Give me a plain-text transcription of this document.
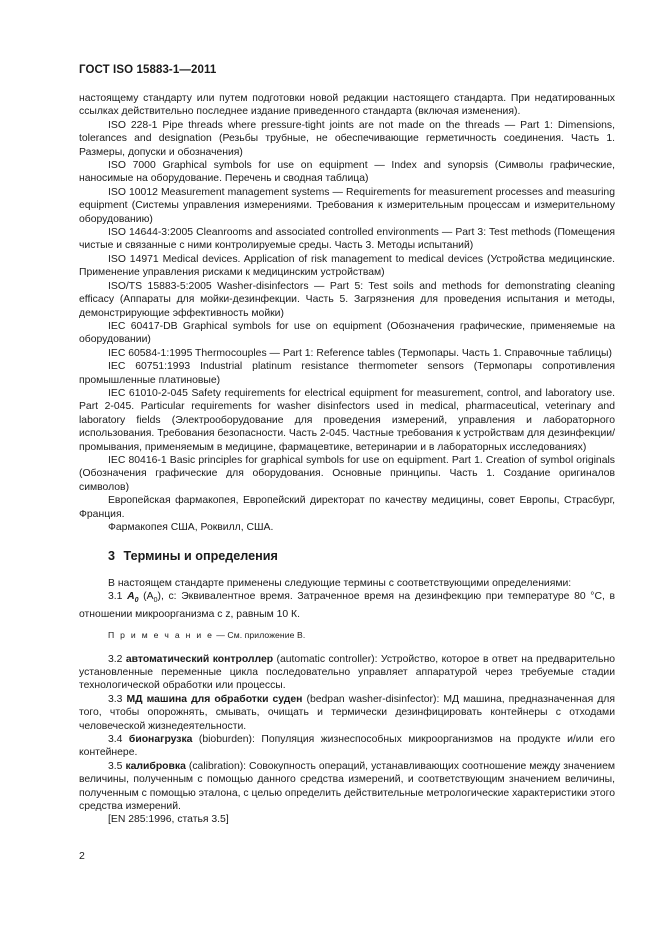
ГОСТ ISO 15883-1—2011

настоящему стандарту или путем подготовки новой редакции настоящего стандарта. При недатированных ссылках действительно последнее издание приведенного стандарта (включая изменения).

ISO 228-1 Pipe threads where pressure-tight joints are not made on the threads — Part 1: Dimensions, tolerances and designation (Резьбы трубные, не обеспечивающие герметичность соединения. Часть 1. Размеры, допуски и обозначения)

ISO 7000 Graphical symbols for use on equipment — Index and synopsis (Символы графические, наносимые на оборудование. Перечень и сводная таблица)

ISO 10012 Measurement management systems — Requirements for measurement processes and measuring equipment (Системы управления измерениями. Требования к измерительным процессам и измерительному оборудованию)

ISO 14644-3:2005 Cleanrooms and associated controlled environments — Part 3: Test methods (Помещения чистые и связанные с ними контролируемые среды. Часть 3. Методы испытаний)

ISO 14971 Medical devices. Application of risk management to medical devices (Устройства медицинские. Применение управления рисками к медицинским устройствам)

ISO/TS 15883-5:2005 Washer-disinfectors — Part 5: Test soils and methods for demonstrating cleaning efficacy (Аппараты для мойки-дезинфекции. Часть 5. Загрязнения для проведения испытания и методы, демонстрирующие эффективность мойки)

IEC 60417-DB Graphical symbols for use on equipment (Обозначения графические, применяемые на оборудовании)

IEC 60584-1:1995 Thermocouples — Part 1: Reference tables (Термопары. Часть 1. Справочные таблицы)

IEC 60751:1993 Industrial platinum resistance thermometer sensors (Термопары сопротивления промышленные платиновые)

IEC 61010-2-045 Safety requirements for electrical equipment for measurement, control, and laboratory use. Part 2-045. Particular requirements for washer disinfectors used in medical, pharmaceutical, veterinary and laboratory fields (Электрооборудование для проведения измерений, управления и лабораторного использования. Требования безопасности. Часть 2-045. Частные требования к устройствам для дезинфекции/промывания, применяемым в медицине, фармацевтике, ветеринарии и в лабораторных исследованиях)

IEC 80416-1 Basic principles for graphical symbols for use on equipment. Part 1. Creation of symbol originals (Обозначения графические для оборудования. Основные принципы. Часть 1. Создание оригиналов символов)

Европейская фармакопея, Европейский директорат по качеству медицины, совет Европы, Страсбург, Франция.

Фармакопея США, Роквилл, США.

3 Термины и определения

В настоящем стандарте применены следующие термины с соответствующими определениями:

3.1 $A_0$ $(A_0)$, c: Эквивалентное время. Затраченное время на дезинфекцию при температуре 80 °С, в отношении микроорганизма с z, равным 10 К.

П р и м е ч а н и е — См. приложение В.

3.2 автоматический контроллер (automatic controller): Устройство, которое в ответ на предварительно установленные переменные цикла последовательно управляет аппаратурой через требуемые стадии технологической обработки или процессы.

3.3 МД машина для обработки суден (bedpan washer-disinfector): МД машина, предназначенная для того, чтобы опорожнять, смывать, очищать и термически дезинфицировать контейнеры с отходами человеческой жизнедеятельности.

3.4 бионагрузка (bioburden): Популяция жизнеспособных микроорганизмов на продукте и/или его контейнере.

3.5 калибровка (calibration): Совокупность операций, устанавливающих соотношение между значением величины, полученным с помощью данного средства измерений, и соответствующим значением величины, полученным с помощью эталона, с целью определить действительные метрологические характеристики этого средства измерений.

[EN 285:1996, статья 3.5]

2
